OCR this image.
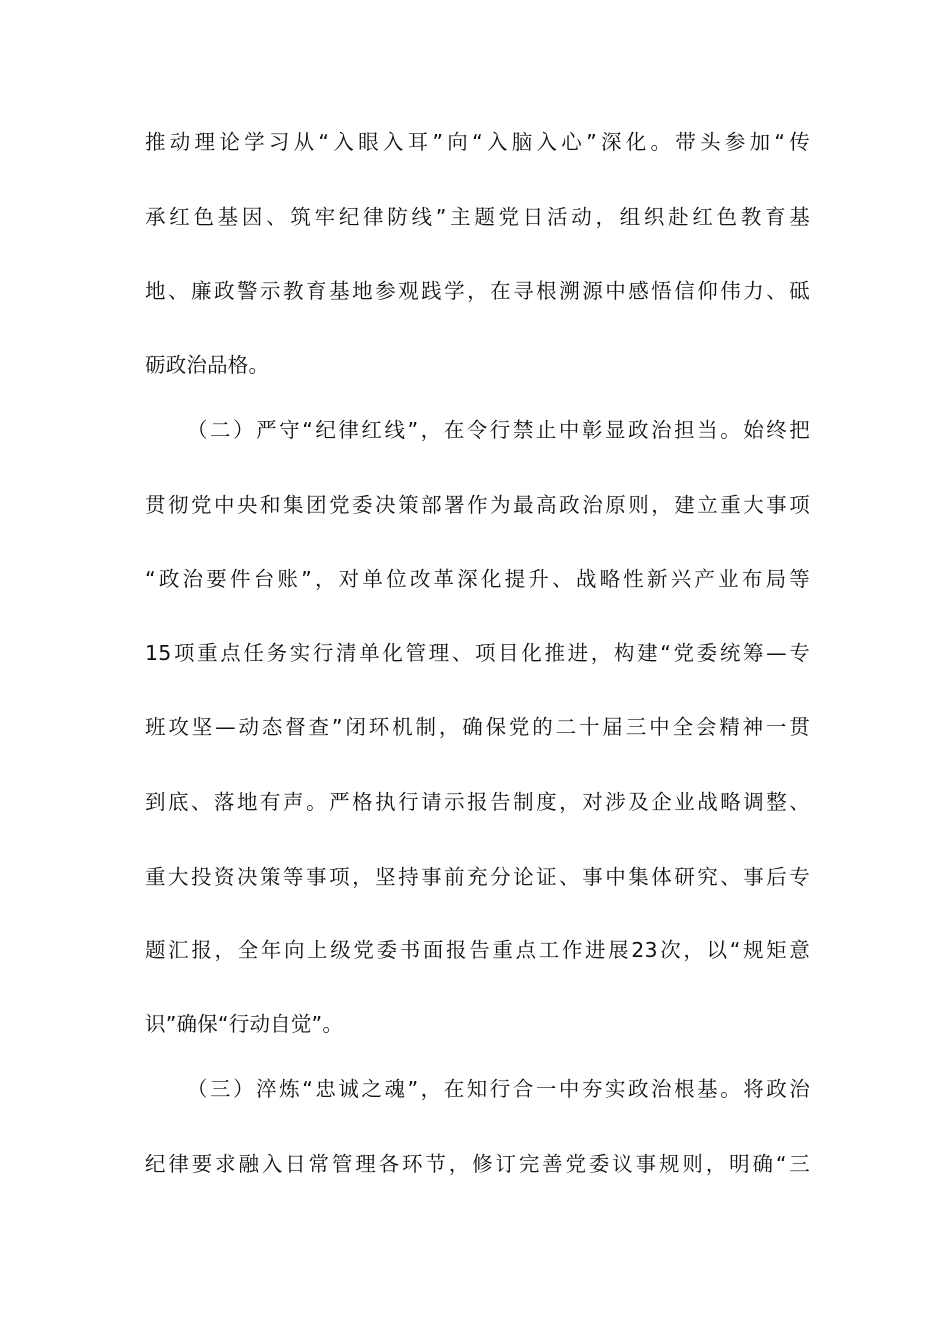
推动理论学习从“入眼入耳”向“入脑入心”深化。带头参加“传
承红色基因、筑牢纪律防线”主题党日活动，组织赴红色教育基
地、廉政警示教育基地参观践学，在寻根溯源中感悟信仰伟力、砥
砺政治品格。
（二）严守“纪律红线”，在令行禁止中彰显政治担当。始终把
贯彻党中央和集团党委决策部署作为最高政治原则，建立重大事项
“政治要件台账”，对单位改革深化提升、战略性新兴产业布局等
15项重点任务实行清单化管理、项目化推进，构建“党委统筹—专
班攻坚—动态督查”闭环机制，确保党的二十届三中全会精神一贯
到底、落地有声。严格执行请示报告制度，对涉及企业战略调整、
重大投资决策等事项，坚持事前充分论证、事中集体研究、事后专
题汇报，全年向上级党委书面报告重点工作进展23次，以“规矩意
识”确保“行动自觉”。
（三）淬炼“忠诚之魂”，在知行合一中夯实政治根基。将政治
纪律要求融入日常管理各环节，修订完善党委议事规则，明确“三
